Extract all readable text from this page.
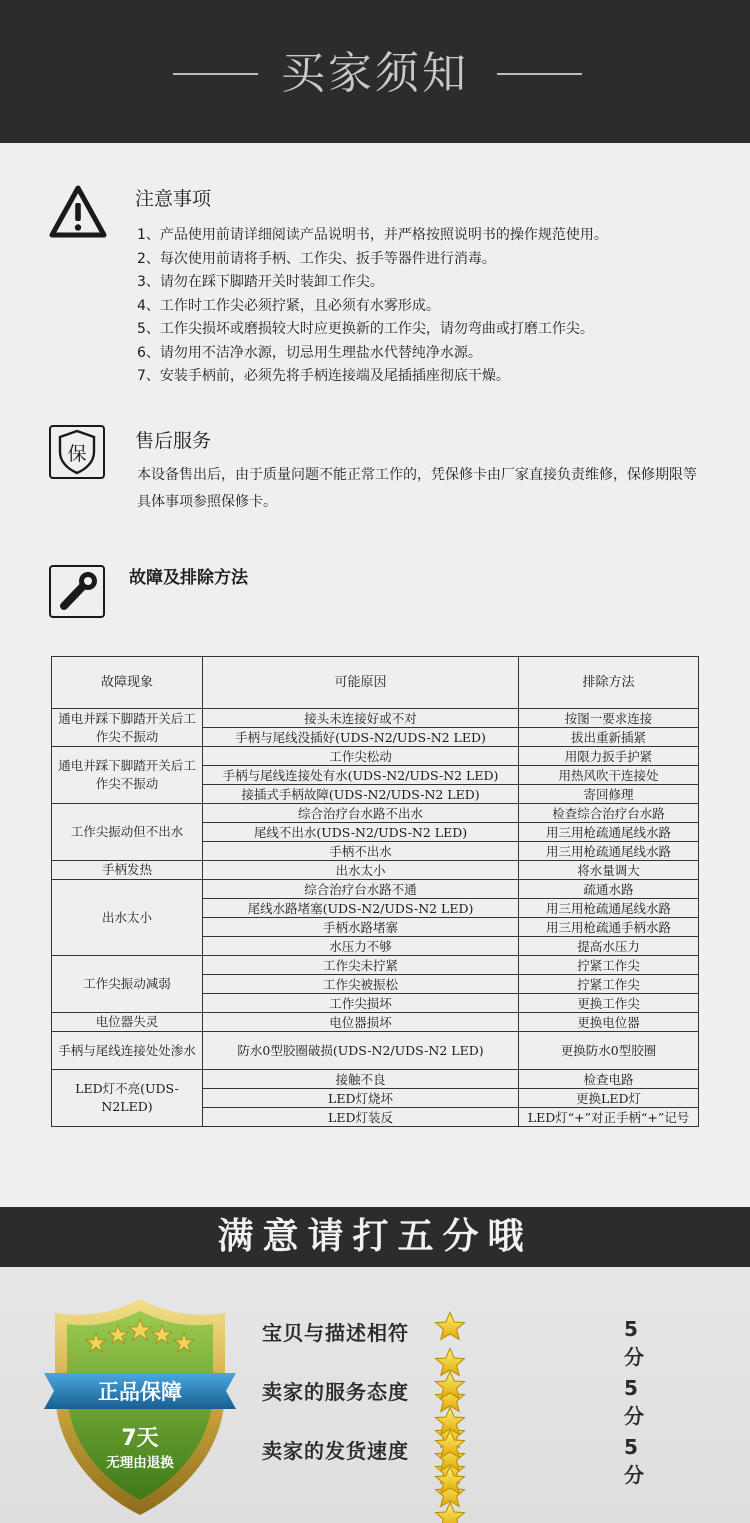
买家须知
注意事项
1、产品使用前请详细阅读产品说明书，并严格按照说明书的操作规范使用。
2、每次使用前请将手柄、工作尖、扳手等器件进行消毒。
3、请勿在踩下脚踏开关时装卸工作尖。
4、工作时工作尖必须拧紧，且必须有水雾形成。
5、工作尖损坏或磨损较大时应更换新的工作尖，请勿弯曲或打磨工作尖。
6、请勿用不洁净水源，切忌用生理盐水代替纯净水源。
7、安装手柄前，必须先将手柄连接端及尾插插座彻底干燥。
保
售后服务
本设备售出后，由于质量问题不能正常工作的，凭保修卡由厂家直接负责维修，保修期限等具体事项参照保修卡。
故障及排除方法
故障现象	可能原因	排除方法
通电并踩下脚踏开关后工作尖不振动	接头未连接好或不对	按图一要求连接
	手柄与尾线没插好(UDS-N2/UDS-N2 LED)	拔出重新插紧
通电并踩下脚踏开关后工作尖不振动	工作尖松动	用限力扳手护紧
	手柄与尾线连接处有水(UDS-N2/UDS-N2 LED)	用热风吹干连接处
	接插式手柄故障(UDS-N2/UDS-N2 LED)	寄回修理
工作尖振动但不出水	综合治疗台水路不出水	检查综合治疗台水路
	尾线不出水(UDS-N2/UDS-N2 LED)	用三用枪疏通尾线水路
	手柄不出水	用三用枪疏通尾线水路
手柄发热	出水太小	将水量调大
出水太小	综合治疗台水路不通	疏通水路
	尾线水路堵塞(UDS-N2/UDS-N2 LED)	用三用枪疏通尾线水路
	手柄水路堵寨	用三用枪疏通手柄水路
	水压力不够	提高水压力
工作尖振动减弱	工作尖未拧紧	拧紧工作尖
	工作尖被振松	拧紧工作尖
	工作尖损坏	更换工作尖
电位器失灵	电位器损坏	更换电位器
手柄与尾线连接处处渗水	防水0型胶圈破损(UDS-N2/UDS-N2 LED)	更换防水0型胶圈
LED灯不亮(UDS-N2LED)	接触不良	检查电路
	LED灯烧坏	更换LED灯
	LED灯装反	LED灯“+”对正手柄“+”记号
满意请打五分哦
正品保障
7天
无理由退换
宝贝与描述相符	5分
卖家的服务态度	5分
卖家的发货速度	5分
